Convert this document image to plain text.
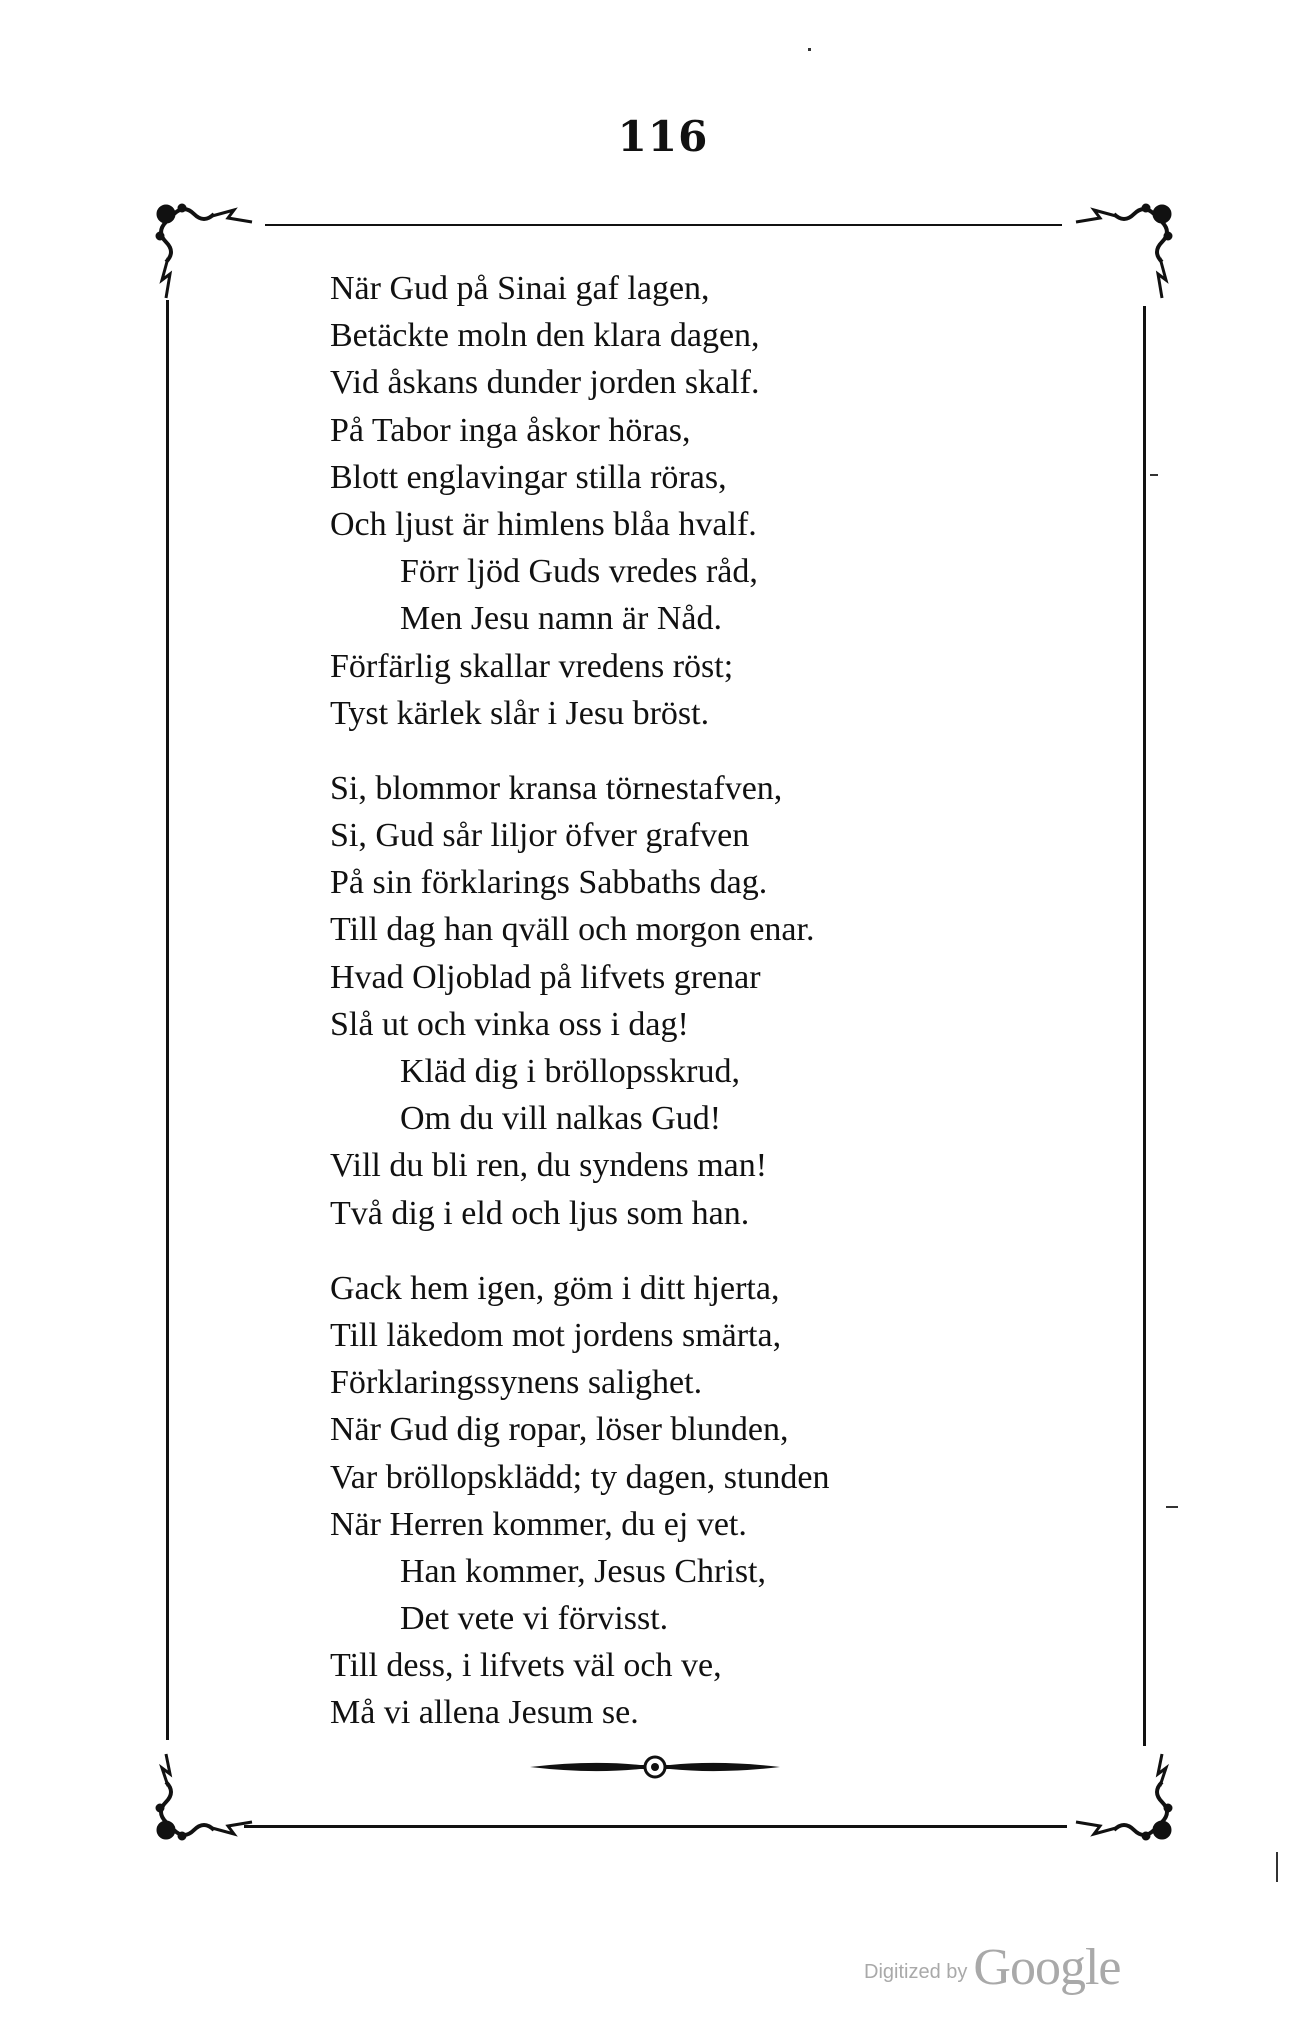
116
När Gud på Sinai gaf lagen,
Betäckte moln den klara dagen,
Vid åskans dunder jorden skalf.
På Tabor inga åskor höras,
Blott englavingar stilla röras,
Och ljust är himlens blåa hvalf.
Förr ljöd Guds vredes råd,
Men Jesu namn är Nåd.
Förfärlig skallar vredens röst;
Tyst kärlek slår i Jesu bröst.
Si, blommor kransa törnestafven,
Si, Gud sår liljor öfver grafven
På sin förklarings Sabbaths dag.
Till dag han qväll och morgon enar.
Hvad Oljoblad på lifvets grenar
Slå ut och vinka oss i dag!
Kläd dig i bröllopsskrud,
Om du vill nalkas Gud!
Vill du bli ren, du syndens man!
Två dig i eld och ljus som han.
Gack hem igen, göm i ditt hjerta,
Till läkedom mot jordens smärta,
Förklaringssynens salighet.
När Gud dig ropar, löser blunden,
Var bröllopsklädd; ty dagen, stunden
När Herren kommer, du ej vet.
Han kommer, Jesus Christ,
Det vete vi förvisst.
Till dess, i lifvets väl och ve,
Må vi allena Jesum se.
Digitized by Google
